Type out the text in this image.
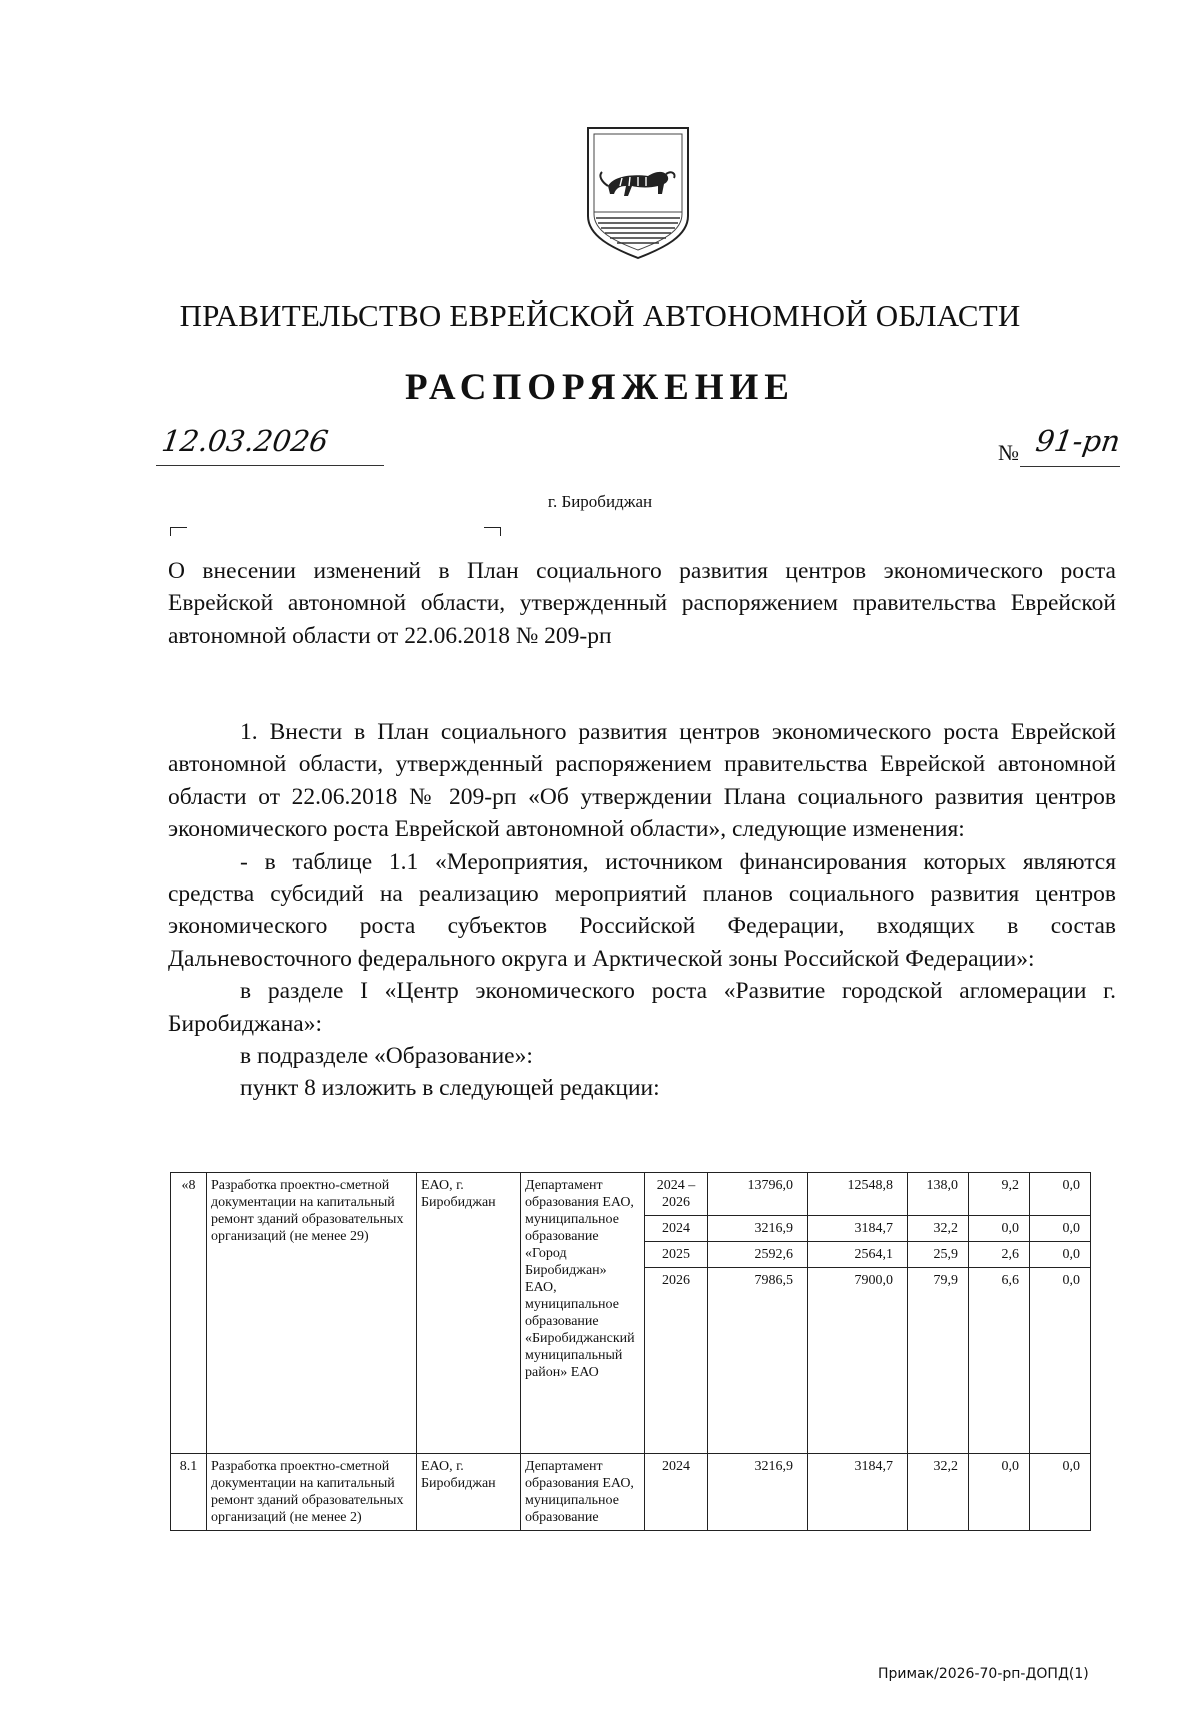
ПРАВИТЕЛЬСТВО ЕВРЕЙСКОЙ АВТОНОМНОЙ ОБЛАСТИ
РАСПОРЯЖЕНИЕ
12.03.2026	№ 91-рп
г. Биробиджан

О внесении изменений в План социального развития центров экономического роста Еврейской автономной области, утвержденный распоряжением правительства Еврейской автономной области от 22.06.2018 № 209-рп

1. Внести в План социального развития центров экономического роста Еврейской автономной области, утвержденный распоряжением правительства Еврейской автономной области от 22.06.2018 № 209-рп «Об утверждении Плана социального развития центров экономического роста Еврейской автономной области», следующие изменения:

- в таблице 1.1 «Мероприятия, источником финансирования которых являются средства субсидий на реализацию мероприятий планов социального развития центров экономического роста субъектов Российской Федерации, входящих в состав Дальневосточного федерального округа и Арктической зоны Российской Федерации»:

в разделе I «Центр экономического роста «Развитие городской агломерации г. Биробиджана»:

в подразделе «Образование»:

пункт 8 изложить в следующей редакции:

«8	Разработка проектно-сметной документации на капитальный ремонт зданий образовательных организаций (не менее 29)	ЕАО, г. Биробиджан	Департамент образования ЕАО, муниципальное образование «Город Биробиджан» ЕАО, муниципальное образование «Биробиджанский муниципальный район» ЕАО	2024 – 2026	13796,0	12548,8	138,0	9,2	0,0
				2024	3216,9	3184,7	32,2	0,0	0,0
				2025	2592,6	2564,1	25,9	2,6	0,0
				2026	7986,5	7900,0	79,9	6,6	0,0
8.1	Разработка проектно-сметной документации на капитальный ремонт зданий образовательных организаций (не менее 2)	ЕАО, г. Биробиджан	Департамент образования ЕАО, муниципальное образование	2024	3216,9	3184,7	32,2	0,0	0,0
Примак/2026-70-рп-ДОПД(1)
